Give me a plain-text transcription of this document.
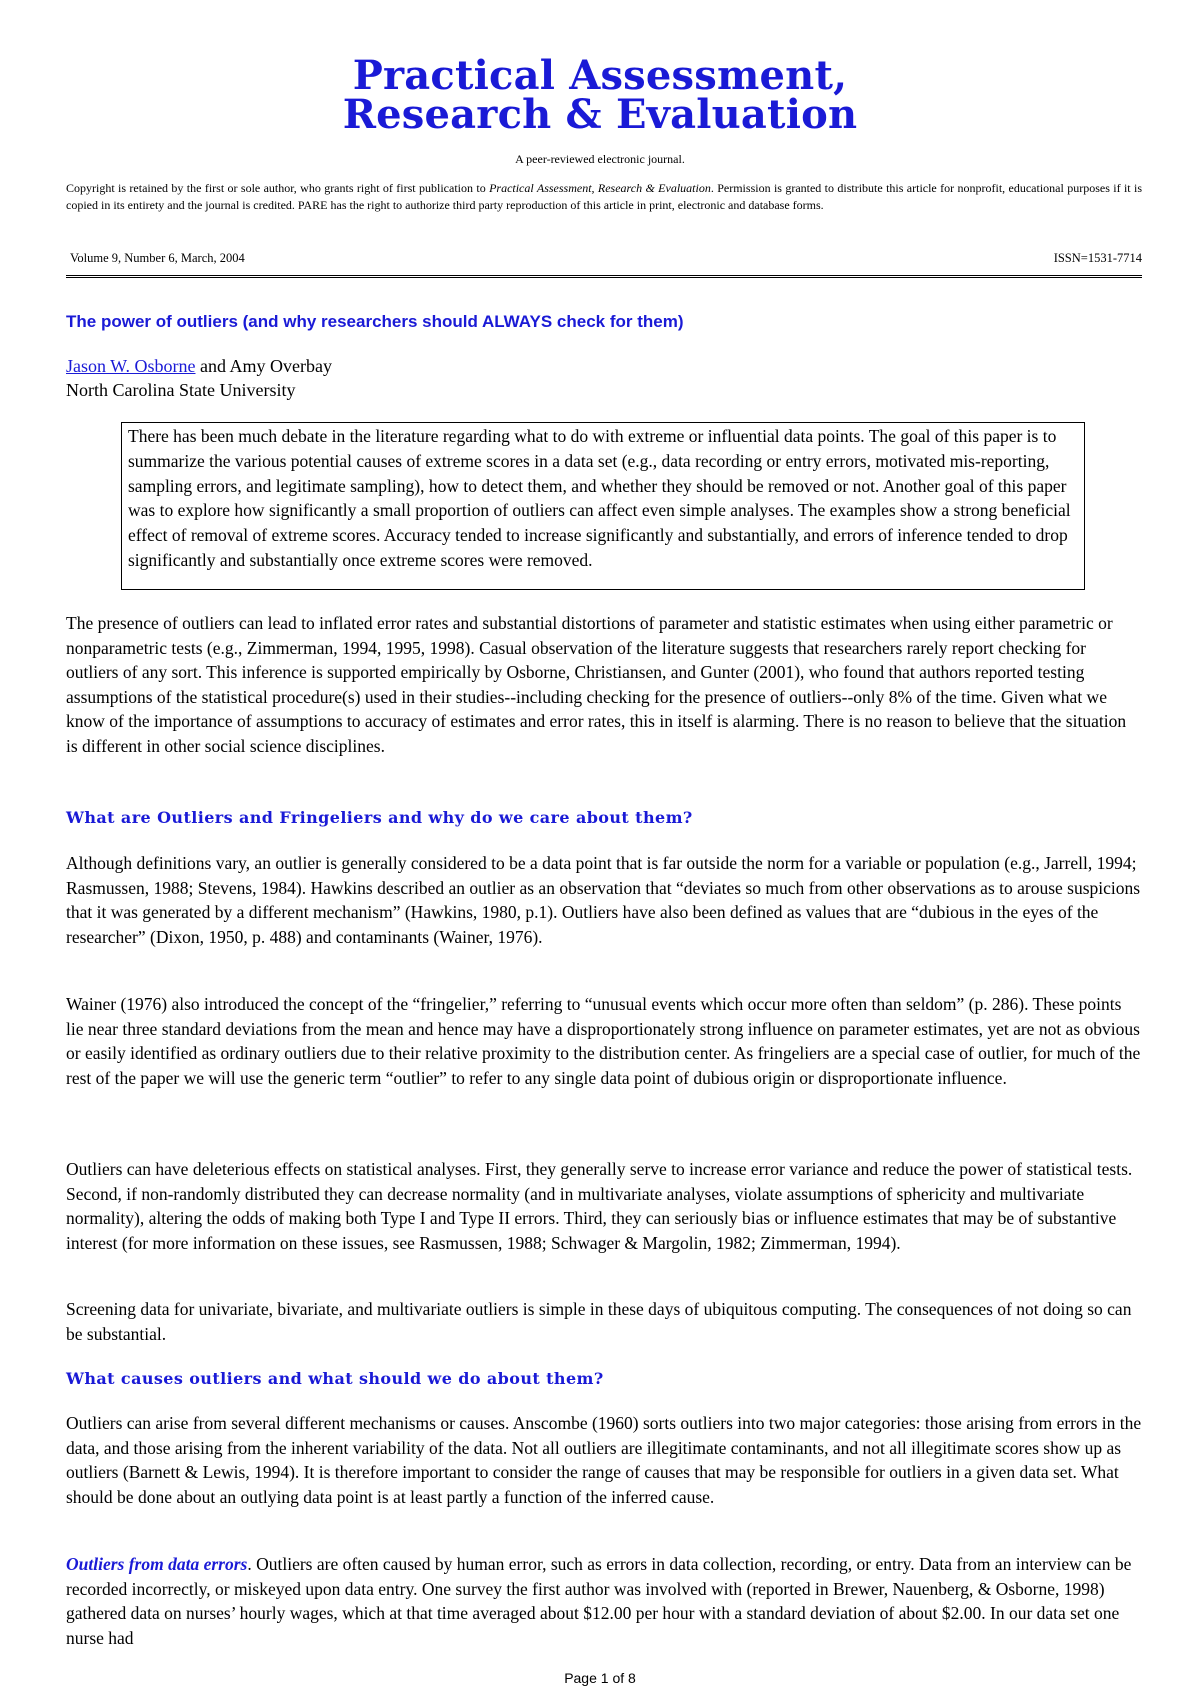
Practical Assessment,
Research & Evaluation
A peer-reviewed electronic journal.
Copyright is retained by the first or sole author, who grants right of first publication to Practical Assessment, Research & Evaluation. Permission is granted to distribute this article for nonprofit, educational purposes if it is copied in its entirety and the journal is credited. PARE has the right to authorize third party reproduction of this article in print, electronic and database forms.
Volume 9, Number 6, March, 2004	ISSN=1531-7714
The power of outliers (and why researchers should ALWAYS check for them)
Jason W. Osborne and Amy Overbay
North Carolina State University
There has been much debate in the literature regarding what to do with extreme or influential data points. The goal of this paper is to summarize the various potential causes of extreme scores in a data set (e.g., data recording or entry errors, motivated mis-reporting, sampling errors, and legitimate sampling), how to detect them, and whether they should be removed or not. Another goal of this paper was to explore how significantly a small proportion of outliers can affect even simple analyses. The examples show a strong beneficial effect of removal of extreme scores. Accuracy tended to increase significantly and substantially, and errors of inference tended to drop significantly and substantially once extreme scores were removed.
The presence of outliers can lead to inflated error rates and substantial distortions of parameter and statistic estimates when using either parametric or nonparametric tests (e.g., Zimmerman, 1994, 1995, 1998). Casual observation of the literature suggests that researchers rarely report checking for outliers of any sort. This inference is supported empirically by Osborne, Christiansen, and Gunter (2001), who found that authors reported testing assumptions of the statistical procedure(s) used in their studies--including checking for the presence of outliers--only 8% of the time. Given what we know of the importance of assumptions to accuracy of estimates and error rates, this in itself is alarming. There is no reason to believe that the situation is different in other social science disciplines.
What are Outliers and Fringeliers and why do we care about them?
Although definitions vary, an outlier is generally considered to be a data point that is far outside the norm for a variable or population (e.g., Jarrell, 1994; Rasmussen, 1988; Stevens, 1984). Hawkins described an outlier as an observation that “deviates so much from other observations as to arouse suspicions that it was generated by a different mechanism” (Hawkins, 1980, p.1). Outliers have also been defined as values that are “dubious in the eyes of the researcher” (Dixon, 1950, p. 488) and contaminants (Wainer, 1976).
Wainer (1976) also introduced the concept of the “fringelier,” referring to “unusual events which occur more often than seldom” (p. 286). These points lie near three standard deviations from the mean and hence may have a disproportionately strong influence on parameter estimates, yet are not as obvious or easily identified as ordinary outliers due to their relative proximity to the distribution center. As fringeliers are a special case of outlier, for much of the rest of the paper we will use the generic term “outlier” to refer to any single data point of dubious origin or disproportionate influence.
Outliers can have deleterious effects on statistical analyses. First, they generally serve to increase error variance and reduce the power of statistical tests. Second, if non-randomly distributed they can decrease normality (and in multivariate analyses, violate assumptions of sphericity and multivariate normality), altering the odds of making both Type I and Type II errors. Third, they can seriously bias or influence estimates that may be of substantive interest (for more information on these issues, see Rasmussen, 1988; Schwager & Margolin, 1982; Zimmerman, 1994).
Screening data for univariate, bivariate, and multivariate outliers is simple in these days of ubiquitous computing. The consequences of not doing so can be substantial.
What causes outliers and what should we do about them?
Outliers can arise from several different mechanisms or causes. Anscombe (1960) sorts outliers into two major categories: those arising from errors in the data, and those arising from the inherent variability of the data. Not all outliers are illegitimate contaminants, and not all illegitimate scores show up as outliers (Barnett & Lewis, 1994). It is therefore important to consider the range of causes that may be responsible for outliers in a given data set. What should be done about an outlying data point is at least partly a function of the inferred cause.
Outliers from data errors. Outliers are often caused by human error, such as errors in data collection, recording, or entry. Data from an interview can be recorded incorrectly, or miskeyed upon data entry. One survey the first author was involved with (reported in Brewer, Nauenberg, & Osborne, 1998) gathered data on nurses’ hourly wages, which at that time averaged about $12.00 per hour with a standard deviation of about $2.00. In our data set one nurse had
Page 1 of 8
